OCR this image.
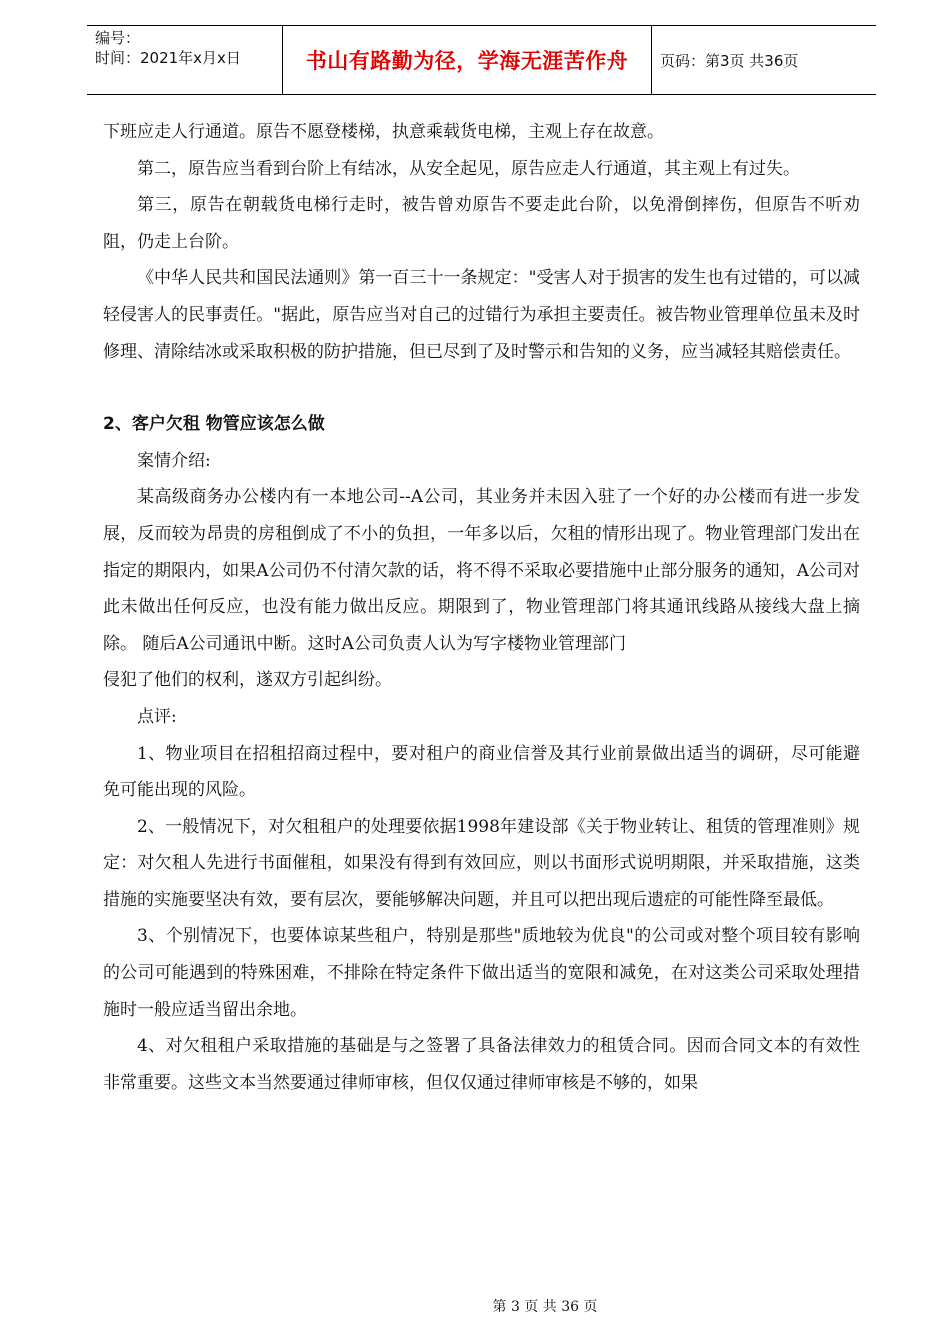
编号：
时间：2021年x月x日	书山有路勤为径，学海无涯苦作舟	页码：第3页 共36页

下班应走人行通道。原告不愿登楼梯，执意乘载货电梯，主观上存在故意。

第二，原告应当看到台阶上有结冰，从安全起见，原告应走人行通道，其主观上有过失。

第三，原告在朝载货电梯行走时，被告曾劝原告不要走此台阶，以免滑倒摔伤，但原告不听劝阻，仍走上台阶。

《中华人民共和国民法通则》第一百三十一条规定："受害人对于损害的发生也有过错的，可以减轻侵害人的民事责任。"据此，原告应当对自己的过错行为承担主要责任。被告物业管理单位虽未及时修理、清除结冰或采取积极的防护措施，但已尽到了及时警示和告知的义务，应当减轻其赔偿责任。

2、客户欠租 物管应该怎么做

案情介绍:

某高级商务办公楼内有一本地公司--A公司，其业务并未因入驻了一个好的办公楼而有进一步发展，反而较为昂贵的房租倒成了不小的负担，一年多以后，欠租的情形出现了。物业管理部门发出在指定的期限内，如果A公司仍不付清欠款的话，将不得不采取必要措施中止部分服务的通知，A公司对此未做出任何反应，也没有能力做出反应。期限到了，物业管理部门将其通讯线路从接线大盘上摘除。 随后A公司通讯中断。这时A公司负责人认为写字楼物业管理部门

侵犯了他们的权利，遂双方引起纠纷。

点评:

1、物业项目在招租招商过程中，要对租户的商业信誉及其行业前景做出适当的调研，尽可能避免可能出现的风险。

2、一般情况下，对欠租租户的处理要依据1998年建设部《关于物业转让、租赁的管理准则》规定：对欠租人先进行书面催租，如果没有得到有效回应，则以书面形式说明期限，并采取措施，这类措施的实施要坚决有效，要有层次，要能够解决问题，并且可以把出现后遗症的可能性降至最低。

3、个别情况下，也要体谅某些租户，特别是那些"质地较为优良"的公司或对整个项目较有影响的公司可能遇到的特殊困难，不排除在特定条件下做出适当的宽限和减免，在对这类公司采取处理措施时一般应适当留出余地。

4、对欠租租户采取措施的基础是与之签署了具备法律效力的租赁合同。因而合同文本的有效性非常重要。这些文本当然要通过律师审核，但仅仅通过律师审核是不够的，如果

第 3 页 共 36 页
